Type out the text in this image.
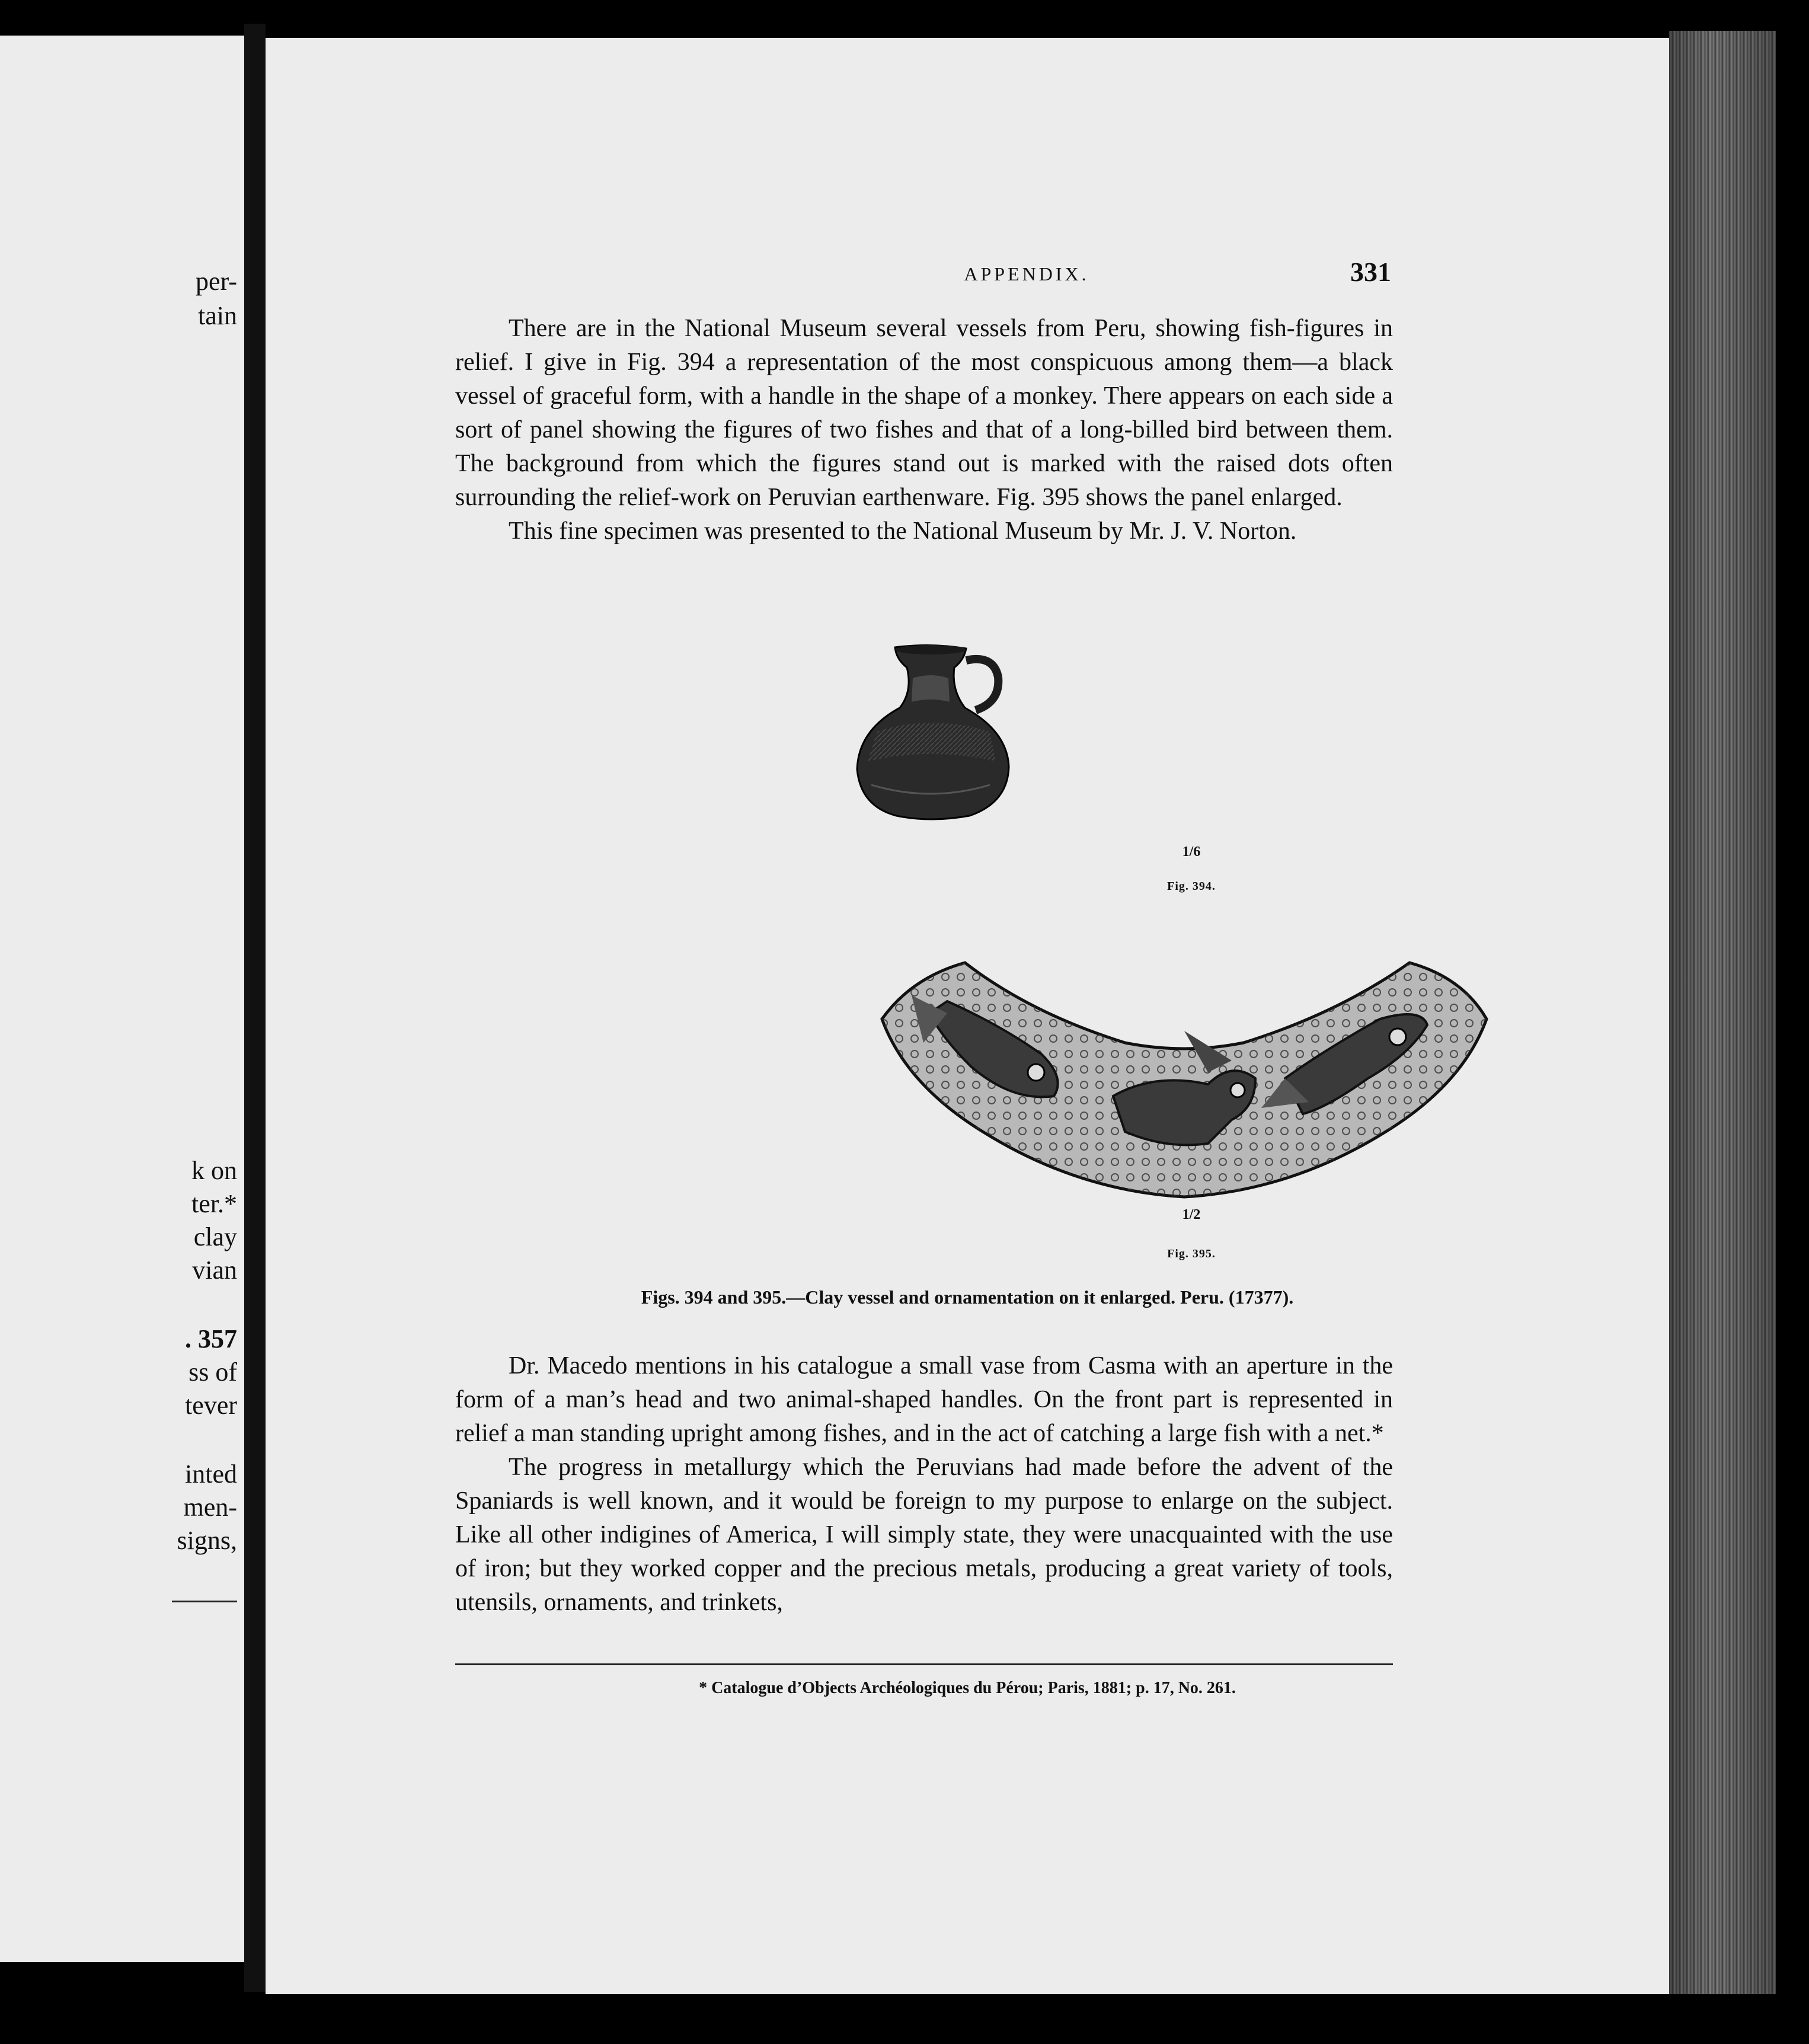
per-
tain
k on
ter.*
clay
vian
. 357
ss of
tever
inted
men-
signs,
APPENDIX.	331

There are in the National Museum several vessels from Peru, showing fish-figures in relief. I give in Fig. 394 a representation of the most conspicuous among them—a black vessel of graceful form, with a handle in the shape of a monkey. There appears on each side a sort of panel showing the figures of two fishes and that of a long-billed bird between them. The background from which the figures stand out is marked with the raised dots often surrounding the relief-work on Peruvian earthenware. Fig. 395 shows the panel enlarged.

This fine specimen was presented to the National Museum by Mr. J. V. Norton.

1/6
Fig. 394.
1/2
Fig. 395.
Figs. 394 and 395.—Clay vessel and ornamentation on it enlarged. Peru. (17377).

Dr. Macedo mentions in his catalogue a small vase from Casma with an aperture in the form of a man’s head and two animal-shaped handles. On the front part is represented in relief a man standing upright among fishes, and in the act of catching a large fish with a net.*

The progress in metallurgy which the Peruvians had made before the advent of the Spaniards is well known, and it would be foreign to my purpose to enlarge on the subject. Like all other indigines of America, I will simply state, they were unacquainted with the use of iron; but they worked copper and the precious metals, producing a great variety of tools, utensils, ornaments, and trinkets,

* Catalogue d’Objects Archéologiques du Pérou; Paris, 1881; p. 17, No. 261.
